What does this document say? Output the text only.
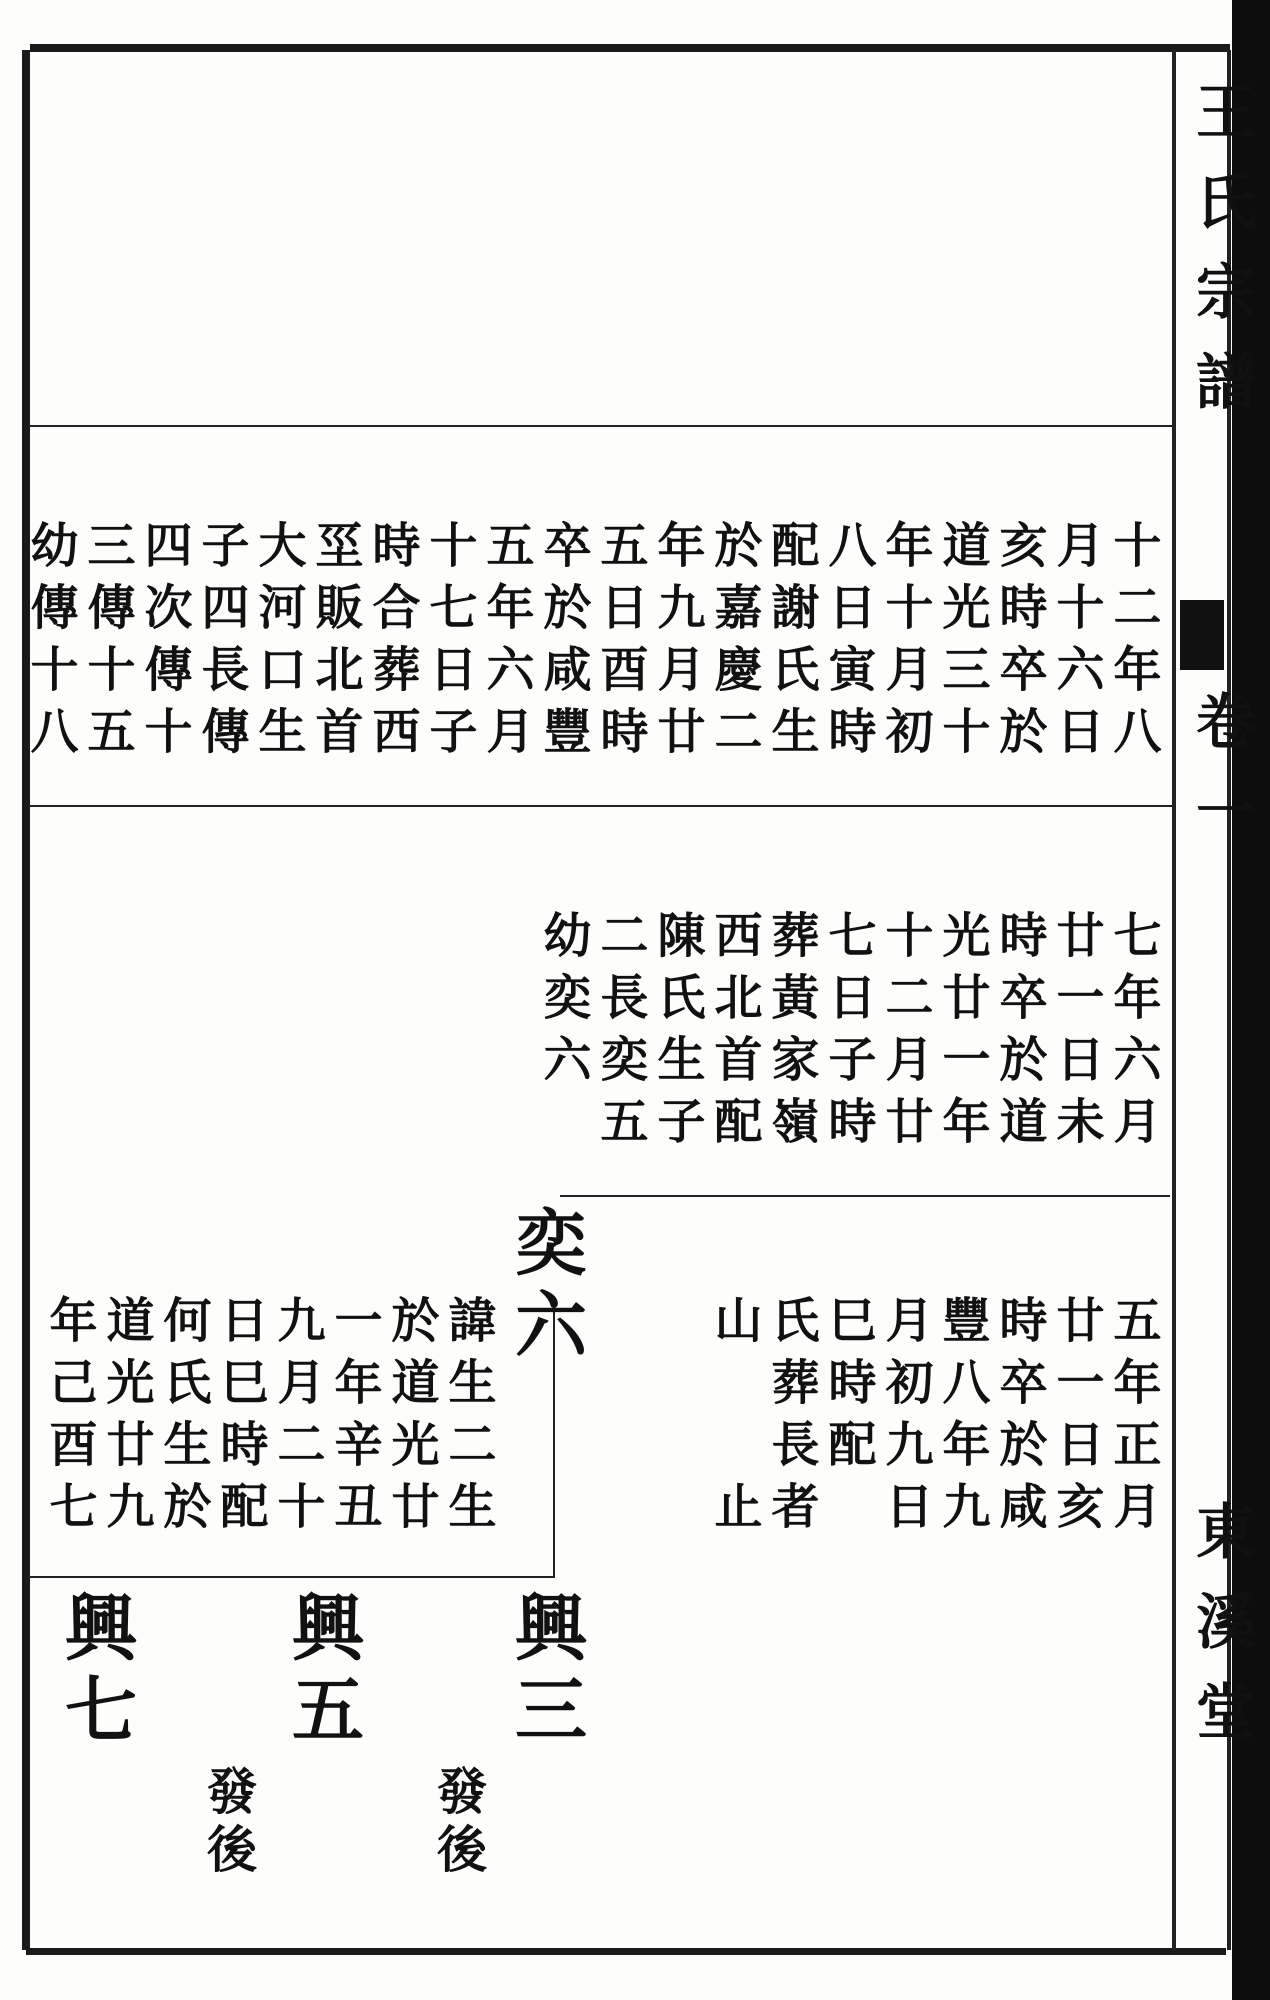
王氏宗譜
卷一
東溪堂
十二年八
月十六日
亥時卒於
道光三十
年十月初
八日寅時
配謝氏生
於嘉慶二
年九月廿
五日酉時
卒於咸豐
五年六月
十七日子
時合葬西
坙販北首
大河口生
子四長傳
四次傳十
三傳十五
幼傳十八
七年六月
廿一日未
時卒於道
光廿一年
十二月廿
七日子時
葬黃家嶺
西北首配
陳氏生子
二長奕五
幼奕六
五年正月
廿一日亥
時卒於咸
豐八年九
月初九日
巳時配
氏葬長者
山　　止
奕六
諱生二生
於道光廿
一年辛丑
九月二十
日巳時配
何氏生於
道光廿九
年己酉七
興三
興五
興七
發後
發後
